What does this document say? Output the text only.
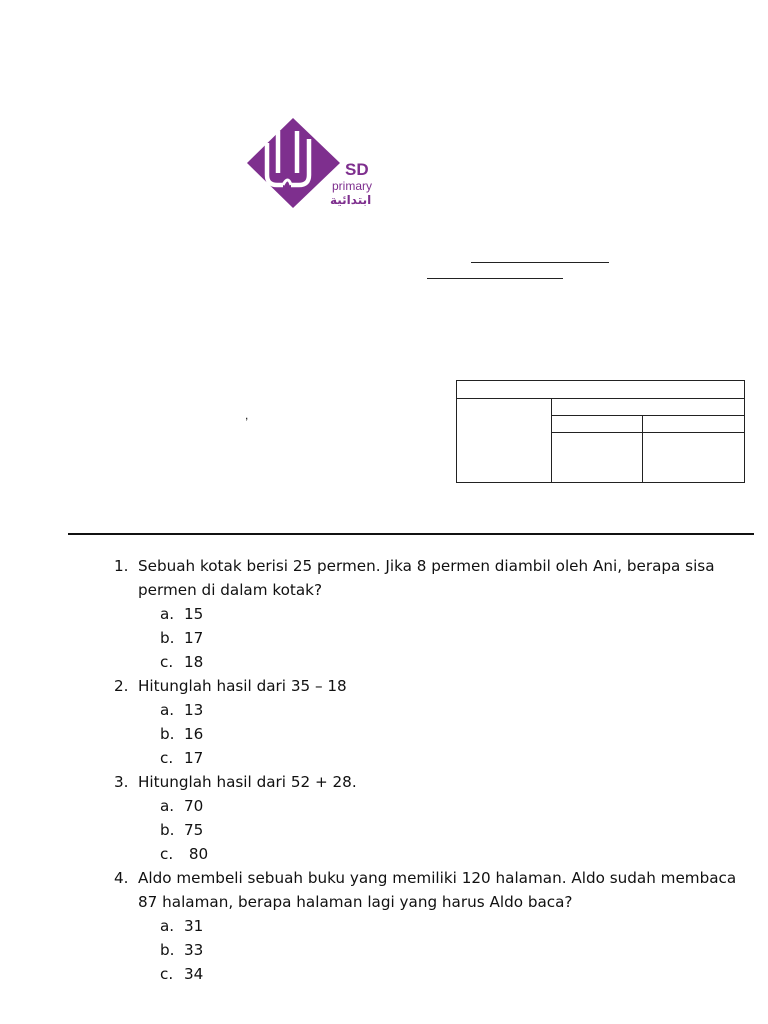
SD
primary
ابتدائية
,
1. Sebuah kotak berisi 25 permen. Jika 8 permen diambil oleh Ani, berapa sisa permen di dalam kotak?
a. 15
b. 17
c. 18
2. Hitunglah hasil dari 35 – 18
a. 13
b. 16
c. 17
3. Hitunglah hasil dari 52 + 28.
a. 70
b. 75
c. 80
4. Aldo membeli sebuah buku yang memiliki 120 halaman. Aldo sudah membaca 87 halaman, berapa halaman lagi yang harus Aldo baca?
a. 31
b. 33
c. 34
